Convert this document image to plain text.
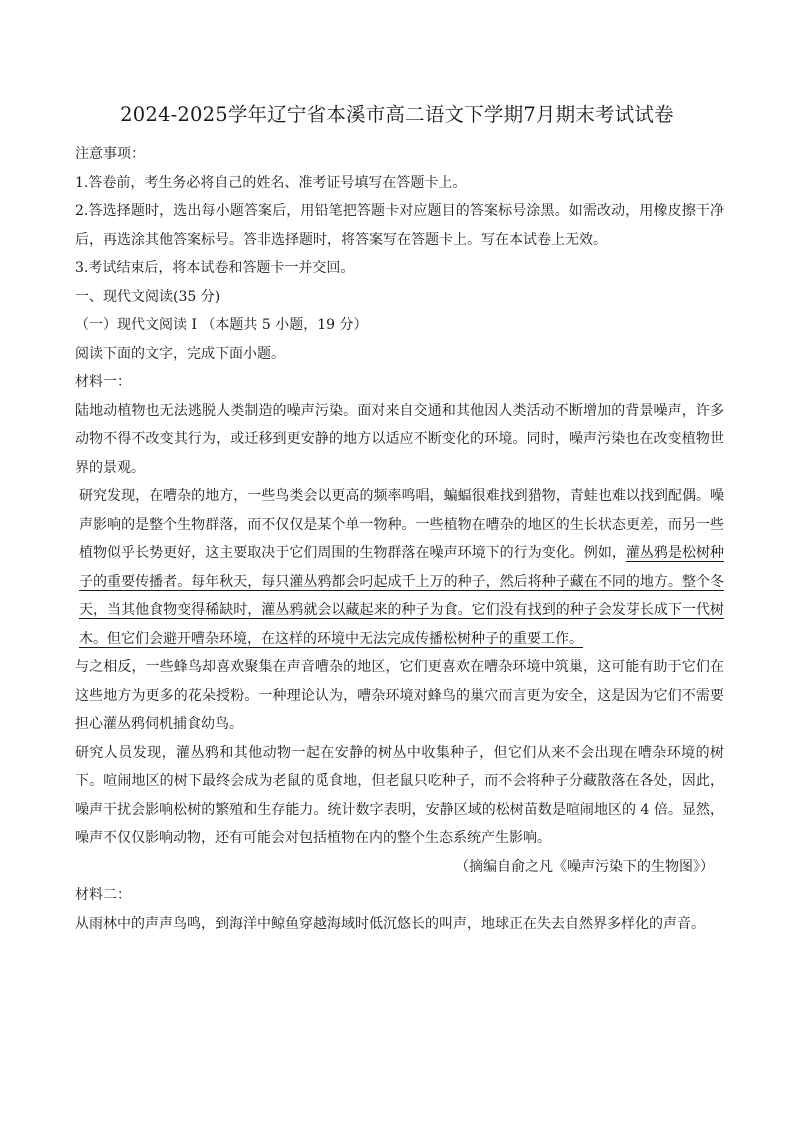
2024-2025学年辽宁省本溪市高二语文下学期7月期末考试试卷

注意事项：

1.答卷前，考生务必将自己的姓名、准考证号填写在答题卡上。

2.答选择题时，选出每小题答案后，用铅笔把答题卡对应题目的答案标号涂黑。如需改动，用橡皮擦干净后，再选涂其他答案标号。答非选择题时，将答案写在答题卡上。写在本试卷上无效。

3.考试结束后，将本试卷和答题卡一并交回。

一、现代文阅读(35 分)

（一）现代文阅读 I （本题共 5 小题，19 分）

阅读下面的文字，完成下面小题。

材料一：

陆地动植物也无法逃脱人类制造的噪声污染。面对来自交通和其他因人类活动不断增加的背景噪声，许多动物不得不改变其行为，或迁移到更安静的地方以适应不断变化的环境。同时，噪声污染也在改变植物世界的景观。

研究发现，在嘈杂的地方，一些鸟类会以更高的频率鸣唱，蝙蝠很难找到猎物，青蛙也难以找到配偶。噪声影响的是整个生物群落，而不仅仅是某个单一物种。一些植物在嘈杂的地区的生长状态更差，而另一些植物似乎长势更好，这主要取决于它们周围的生物群落在噪声环境下的行为变化。例如，灌丛鸦是松树种子的重要传播者。每年秋天，每只灌丛鸦都会叼起成千上万的种子，然后将种子藏在不同的地方。整个冬天，当其他食物变得稀缺时，灌丛鸦就会以藏起来的种子为食。它们没有找到的种子会发芽长成下一代树木。但它们会避开嘈杂环境，在这样的环境中无法完成传播松树种子的重要工作。

与之相反，一些蜂鸟却喜欢聚集在声音嘈杂的地区，它们更喜欢在嘈杂环境中筑巢，这可能有助于它们在这些地方为更多的花朵授粉。一种理论认为，嘈杂环境对蜂鸟的巢穴而言更为安全，这是因为它们不需要担心灌丛鸦伺机捕食幼鸟。

研究人员发现，灌丛鸦和其他动物一起在安静的树丛中收集种子，但它们从来不会出现在嘈杂环境的树下。喧闹地区的树下最终会成为老鼠的觅食地，但老鼠只吃种子，而不会将种子分藏散落在各处，因此，噪声干扰会影响松树的繁殖和生存能力。统计数字表明，安静区域的松树苗数是喧闹地区的 4 倍。显然，噪声不仅仅影响动物，还有可能会对包括植物在内的整个生态系统产生影响。

（摘编自俞之凡《噪声污染下的生物图》）

材料二：

从雨林中的声声鸟鸣，到海洋中鲸鱼穿越海域时低沉悠长的叫声，地球正在失去自然界多样化的声音。
